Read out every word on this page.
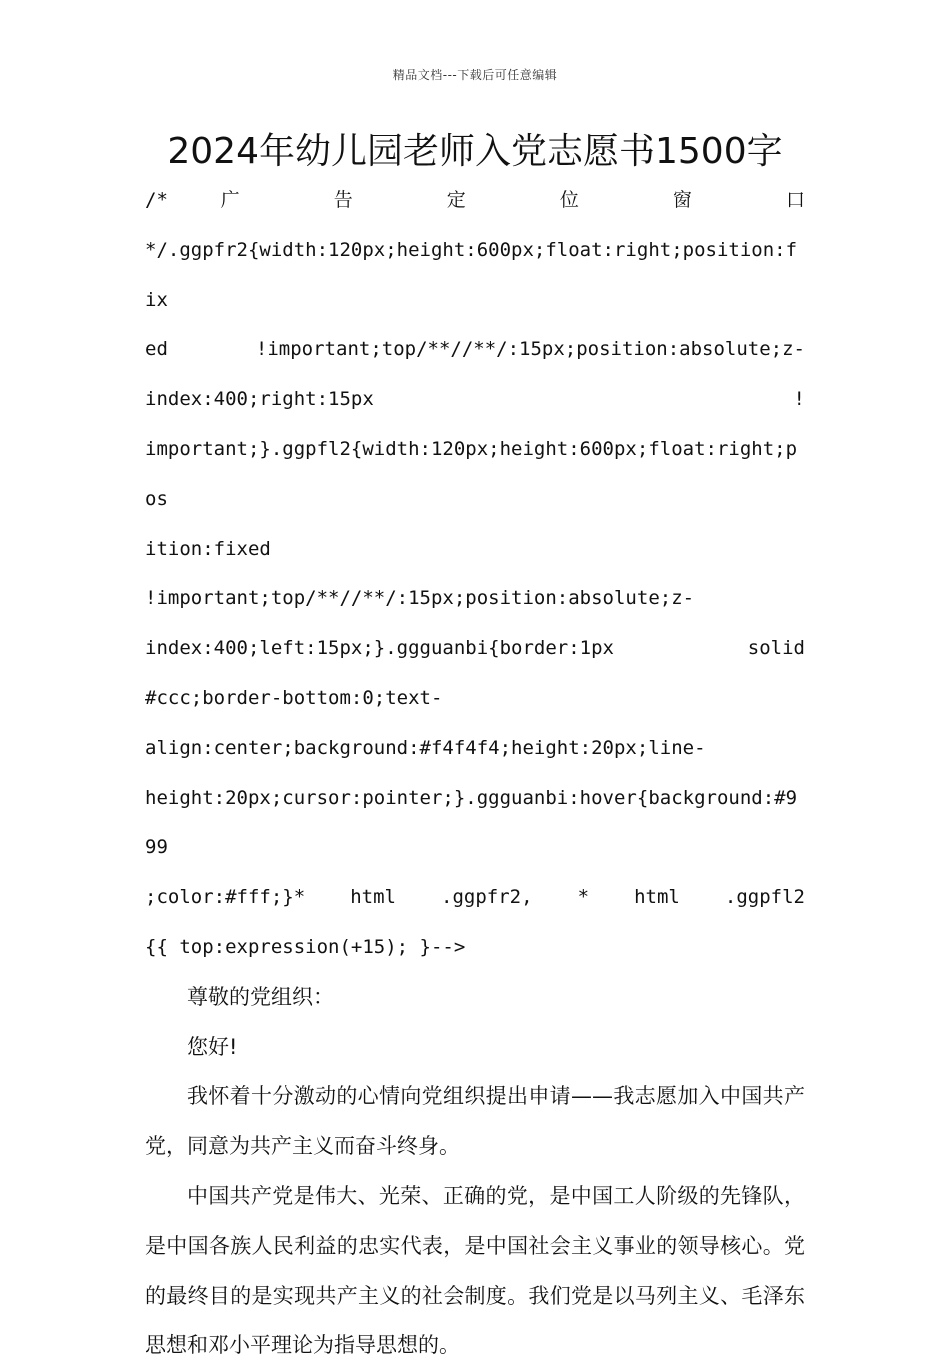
精品文档---下载后可任意编辑
2024年幼儿园老师入党志愿书1500字
/* 广 告 定 位 窗 口
*/.ggpfr2{width:120px;height:600px;float:right;position:fix
ed !important;top/**//**/:15px;position:absolute;z-
index:400;right:15px !
important;}.ggpfl2{width:120px;height:600px;float:right;pos
ition:fixed
!important;top/**//**/:15px;position:absolute;z-
index:400;left:15px;}.ggguanbi{border:1px solid
#ccc;border-bottom:0;text-
align:center;background:#f4f4f4;height:20px;line-
height:20px;cursor:pointer;}.ggguanbi:hover{background:#999
;color:#fff;}* html .ggpfr2, * html .ggpfl2
{{ top:expression(+15); }-->

尊敬的党组织：

您好!

我怀着十分激动的心情向党组织提出申请——我志愿加入中国共产党，同意为共产主义而奋斗终身。

中国共产党是伟大、光荣、正确的党，是中国工人阶级的先锋队，是中国各族人民利益的忠实代表，是中国社会主义事业的领导核心。党的最终目的是实现共产主义的社会制度。我们党是以马列主义、毛泽东思想和邓小平理论为指导思想的。
